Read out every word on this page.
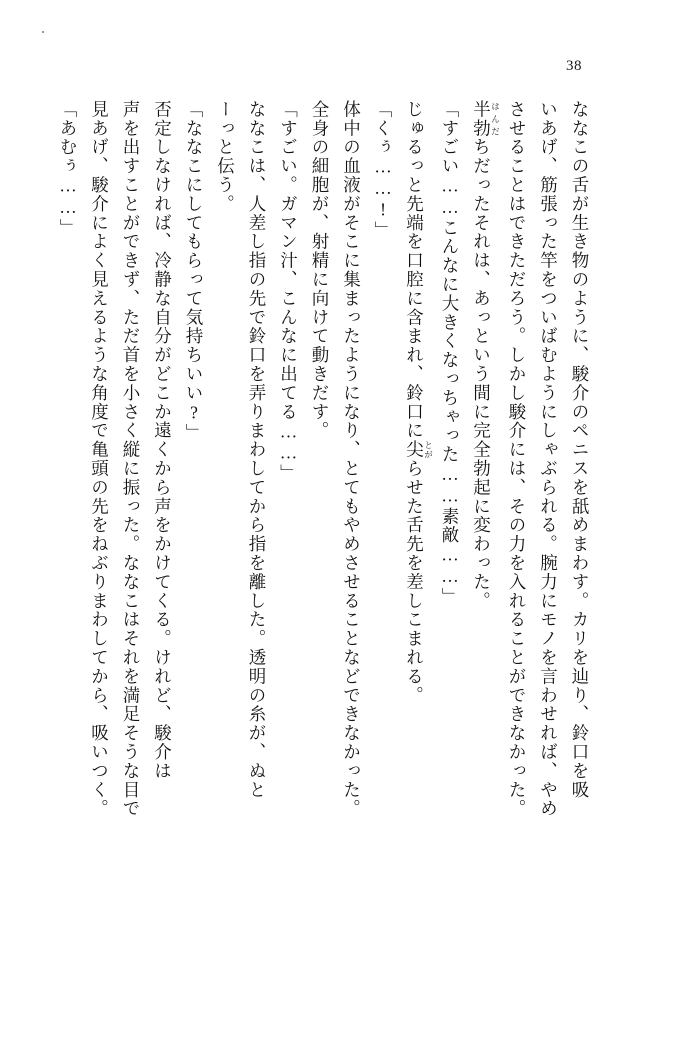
38

ななこの舌が生き物のように、駿介のペニスを舐めまわす。カリを辿り、鈴口を吸

いあげ、筋張った竿をついばむようにしゃぶられる。腕力にモノを言わせれば、やめ

させることはできただろう。しかし駿介には、その力を入れることができなかった。

半勃 はんだちだったそれは、あっという間に完全勃起に変わった。

「すごい……こんなに大きくなっちゃった……素敵……」

じゅるっと先端を口腔に含まれ、鈴口に尖 とがらせた舌先を差しこまれる。

「くぅ……!」

体中の血液がそこに集まったようになり、とてもやめさせることなどできなかった。

全身の細胞が、射精に向けて動きだす。

「すごい。ガマン汁、こんなに出てる……」

ななこは、人差し指の先で鈴口を弄りまわしてから指を離した。透明の糸が、ぬと

ーっと伝う。

「ななこにしてもらって気持ちいい?」

否定しなければ、冷静な自分がどこか遠くから声をかけてくる。けれど、駿介は

声を出すことができず、ただ首を小さく縦に振った。ななこはそれを満足そうな目で

見あげ、駿介によく見えるような角度で亀頭の先をねぶりまわしてから、吸いつく。

「あむぅ……」
